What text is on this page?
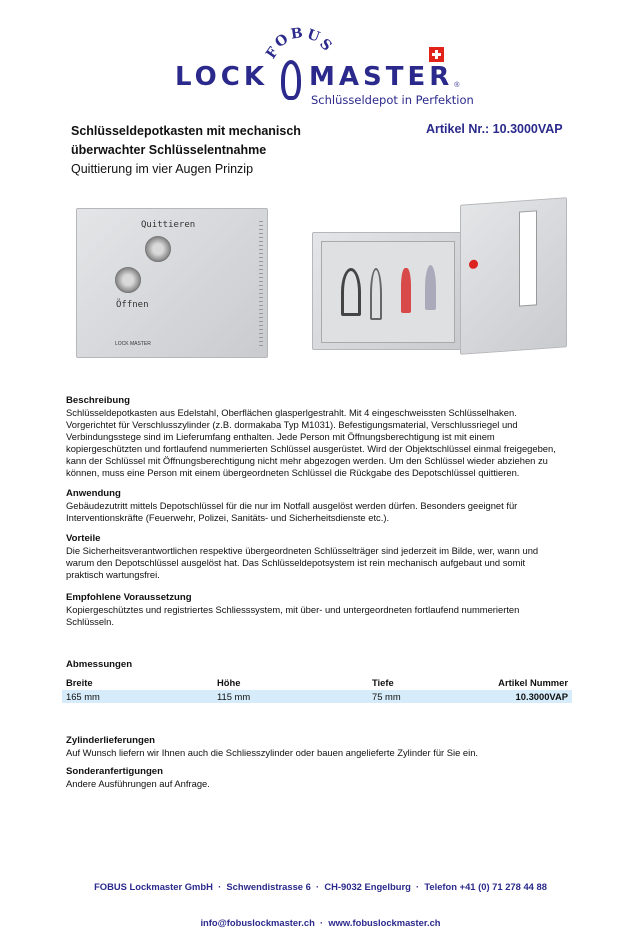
F
O
B U
S
LOCK MASTER ®
Schlüsseldepot in Perfektion
Schlüsseldepotkasten mit mechanisch
überwachter Schlüsselentnahme
Quittierung im vier Augen Prinzip
Artikel Nr.: 10.3000VAP
Quittieren
Öffnen
LOCK MASTER
Beschreibung
Schlüsseldepotkasten aus Edelstahl, Oberflächen glasperlgestrahlt. Mit 4 eingeschweissten Schlüsselhaken.
Vorgerichtet für Verschlusszylinder (z.B. dormakaba Typ M1031). Befestigungsmaterial, Verschlussriegel und
Verbindungsstege sind im Lieferumfang enthalten. Jede Person mit Öffnungsberechtigung ist mit einem
kopiergeschützten und fortlaufend nummerierten Schlüssel ausgerüstet. Wird der Objektschlüssel einmal freigegeben,
kann der Schlüssel mit Öffnungsberechtigung nicht mehr abgezogen werden. Um den Schlüssel wieder abziehen zu
können, muss eine Person mit einem übergeordneten Schlüssel die Rückgabe des Depotschlüssel quittieren.
Anwendung
Gebäudezutritt mittels Depotschlüssel für die nur im Notfall ausgelöst werden dürfen. Besonders geeignet für
Interventionskräfte (Feuerwehr, Polizei, Sanitäts- und Sicherheitsdienste etc.).
Vorteile
Die Sicherheitsverantwortlichen respektive übergeordneten Schlüsselträger sind jederzeit im Bilde, wer, wann und
warum den Depotschlüssel ausgelöst hat. Das Schlüsseldepotsystem ist rein mechanisch aufgebaut und somit
praktisch wartungsfrei.
Empfohlene Voraussetzung
Kopiergeschütztes und registriertes Schliesssystem, mit über- und untergeordneten fortlaufend nummerierten
Schlüsseln.
Abmessungen
Breite	Höhe	Tiefe	Artikel Nummer
165 mm	115 mm	75 mm	10.3000VAP
Zylinderlieferungen
Auf Wunsch liefern wir Ihnen auch die Schliesszylinder oder bauen angelieferte Zylinder für Sie ein.
Sonderanfertigungen
Andere Ausführungen auf Anfrage.

FOBUS Lockmaster GmbH  ·  Schwendistrasse 6  ·  CH-9032 Engelburg  ·  Telefon +41 (0) 71 278 44 88

info@fobuslockmaster.ch  ·  www.fobuslockmaster.ch
